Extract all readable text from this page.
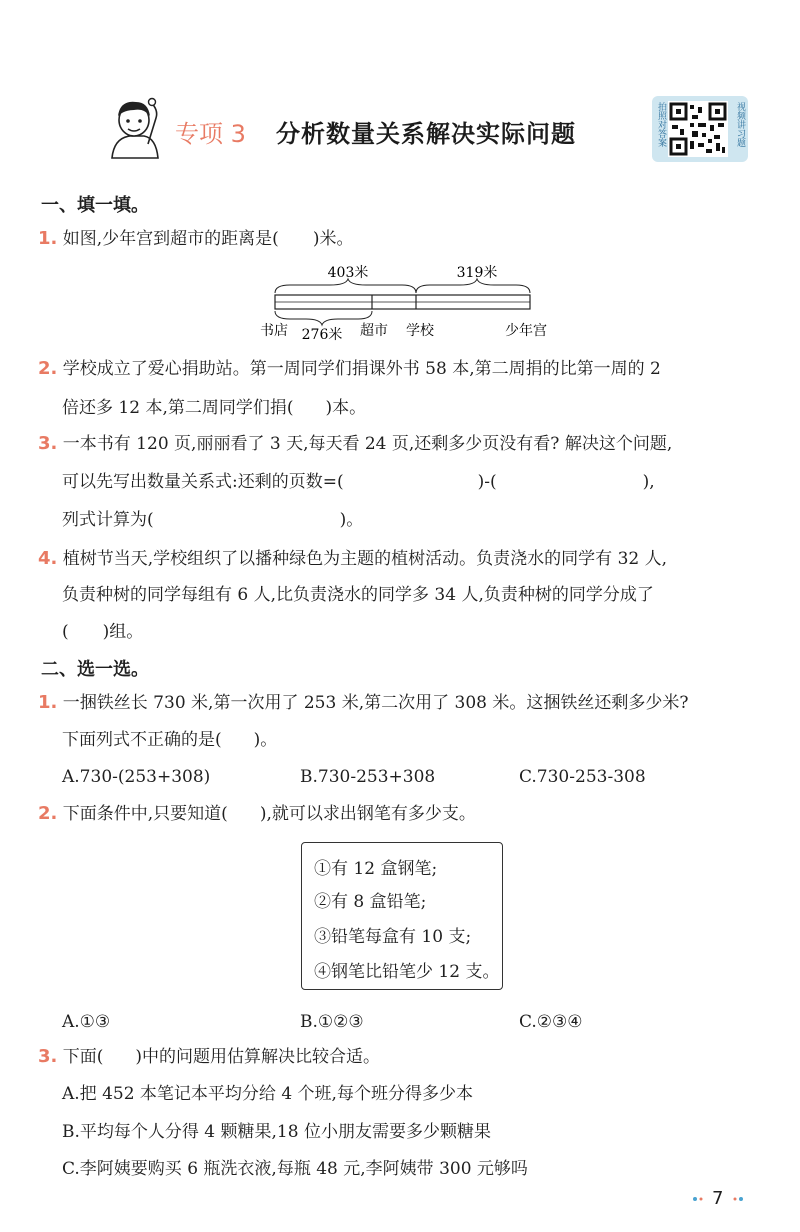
专项 3 分析数量关系解决实际问题	拍照对答案	视频讲习题
一、填一填。
1. 如图,少年宫到超市的距离是( )米。
403米	319米
书店 276米 超市 学校	少年宫
2. 学校成立了爱心捐助站。第一周同学们捐课外书 58 本,第二周捐的比第一周的 2
倍还多 12 本,第二周同学们捐( )本。
3. 一本书有 120 页,丽丽看了 3 天,每天看 24 页,还剩多少页没有看? 解决这个问题,
可以先写出数量关系式:还剩的页数=(	)-(	),
列式计算为(	)。
4. 植树节当天,学校组织了以播种绿色为主题的植树活动。负责浇水的同学有 32 人,
负责种树的同学每组有 6 人,比负责浇水的同学多 34 人,负责种树的同学分成了
( )组。
二、选一选。
1. 一捆铁丝长 730 米,第一次用了 253 米,第二次用了 308 米。这捆铁丝还剩多少米?
下面列式不正确的是( )。
A.730-(253+308)	B.730-253+308	C.730-253-308
2. 下面条件中,只要知道( ),就可以求出钢笔有多少支。
①有 12 盒钢笔;
②有 8 盒铅笔;
③铅笔每盒有 10 支;
④钢笔比铅笔少 12 支。
A.①③	B.①②③	C.②③④
3. 下面( )中的问题用估算解决比较合适。
A.把 452 本笔记本平均分给 4 个班,每个班分得多少本
B.平均每个人分得 4 颗糖果,18 位小朋友需要多少颗糖果
C.李阿姨要购买 6 瓶洗衣液,每瓶 48 元,李阿姨带 300 元够吗
7
